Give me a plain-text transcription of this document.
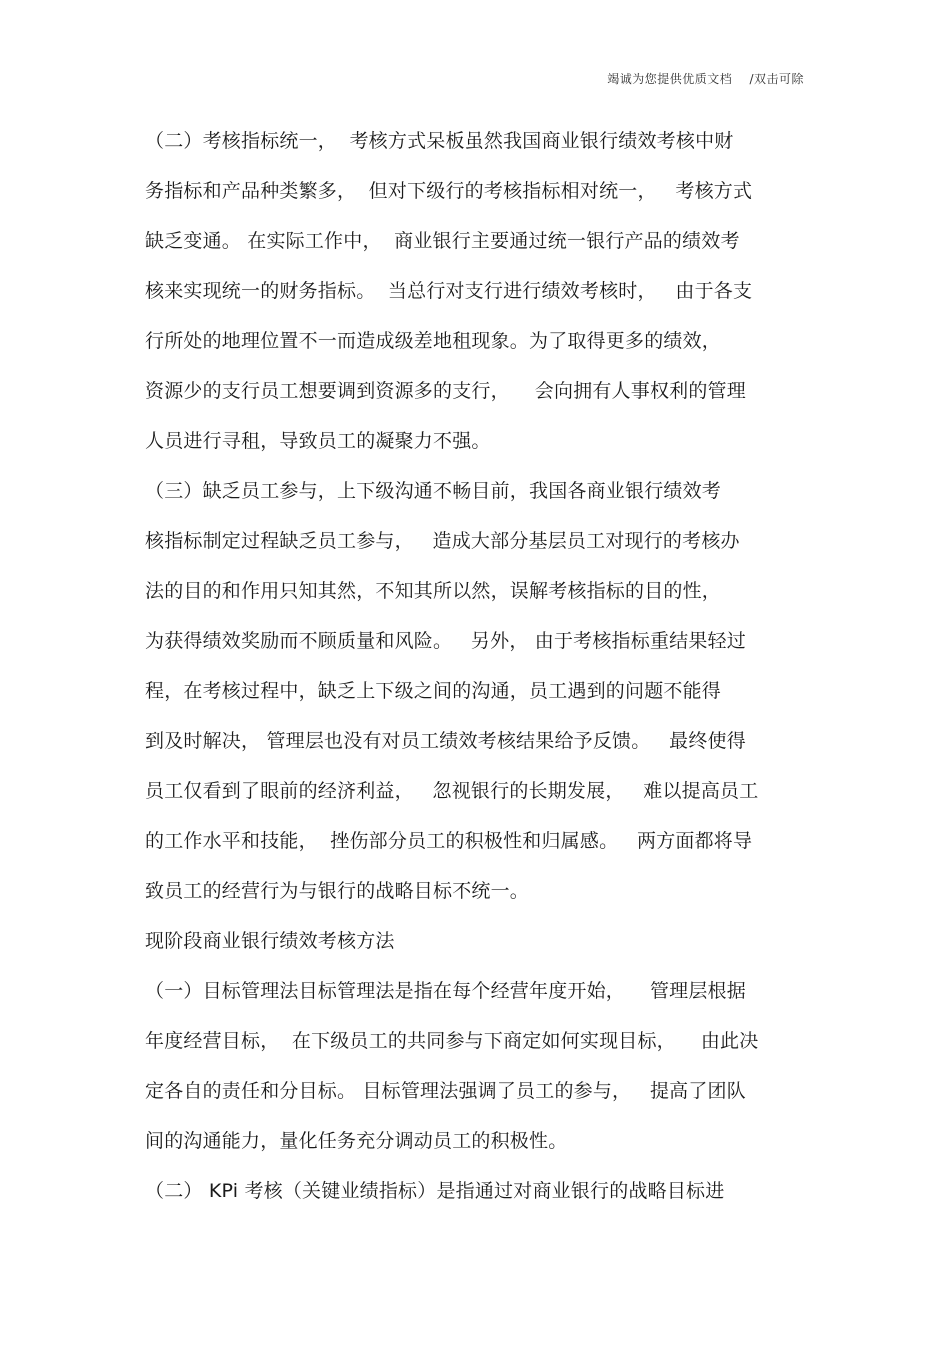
竭诚为您提供优质文档    /双击可除
（二）考核指标统一，  考核方式呆板虽然我国商业银行绩效考核中财
务指标和产品种类繁多，  但对下级行的考核指标相对统一，   考核方式
缺乏变通。 在实际工作中，  商业银行主要通过统一银行产品的绩效考
核来实现统一的财务指标。  当总行对支行进行绩效考核时，   由于各支
行所处的地理位置不一而造成级差地租现象。为了取得更多的绩效，
资源少的支行员工想要调到资源多的支行，    会向拥有人事权利的管理
人员进行寻租，导致员工的凝聚力不强。
（三）缺乏员工参与，上下级沟通不畅目前，我国各商业银行绩效考
核指标制定过程缺乏员工参与，   造成大部分基层员工对现行的考核办
法的目的和作用只知其然，不知其所以然，误解考核指标的目的性，
为获得绩效奖励而不顾质量和风险。   另外， 由于考核指标重结果轻过
程，在考核过程中，缺乏上下级之间的沟通，员工遇到的问题不能得
到及时解决， 管理层也没有对员工绩效考核结果给予反馈。   最终使得
员工仅看到了眼前的经济利益，   忽视银行的长期发展，   难以提高员工
的工作水平和技能，  挫伤部分员工的积极性和归属感。   两方面都将导
致员工的经营行为与银行的战略目标不统一。
现阶段商业银行绩效考核方法
（一）目标管理法目标管理法是指在每个经营年度开始，    管理层根据
年度经营目标，  在下级员工的共同参与下商定如何实现目标，    由此决
定各自的责任和分目标。 目标管理法强调了员工的参与，   提高了团队
间的沟通能力，量化任务充分调动员工的积极性。
（二） KPi 考核（关键业绩指标）是指通过对商业银行的战略目标进
